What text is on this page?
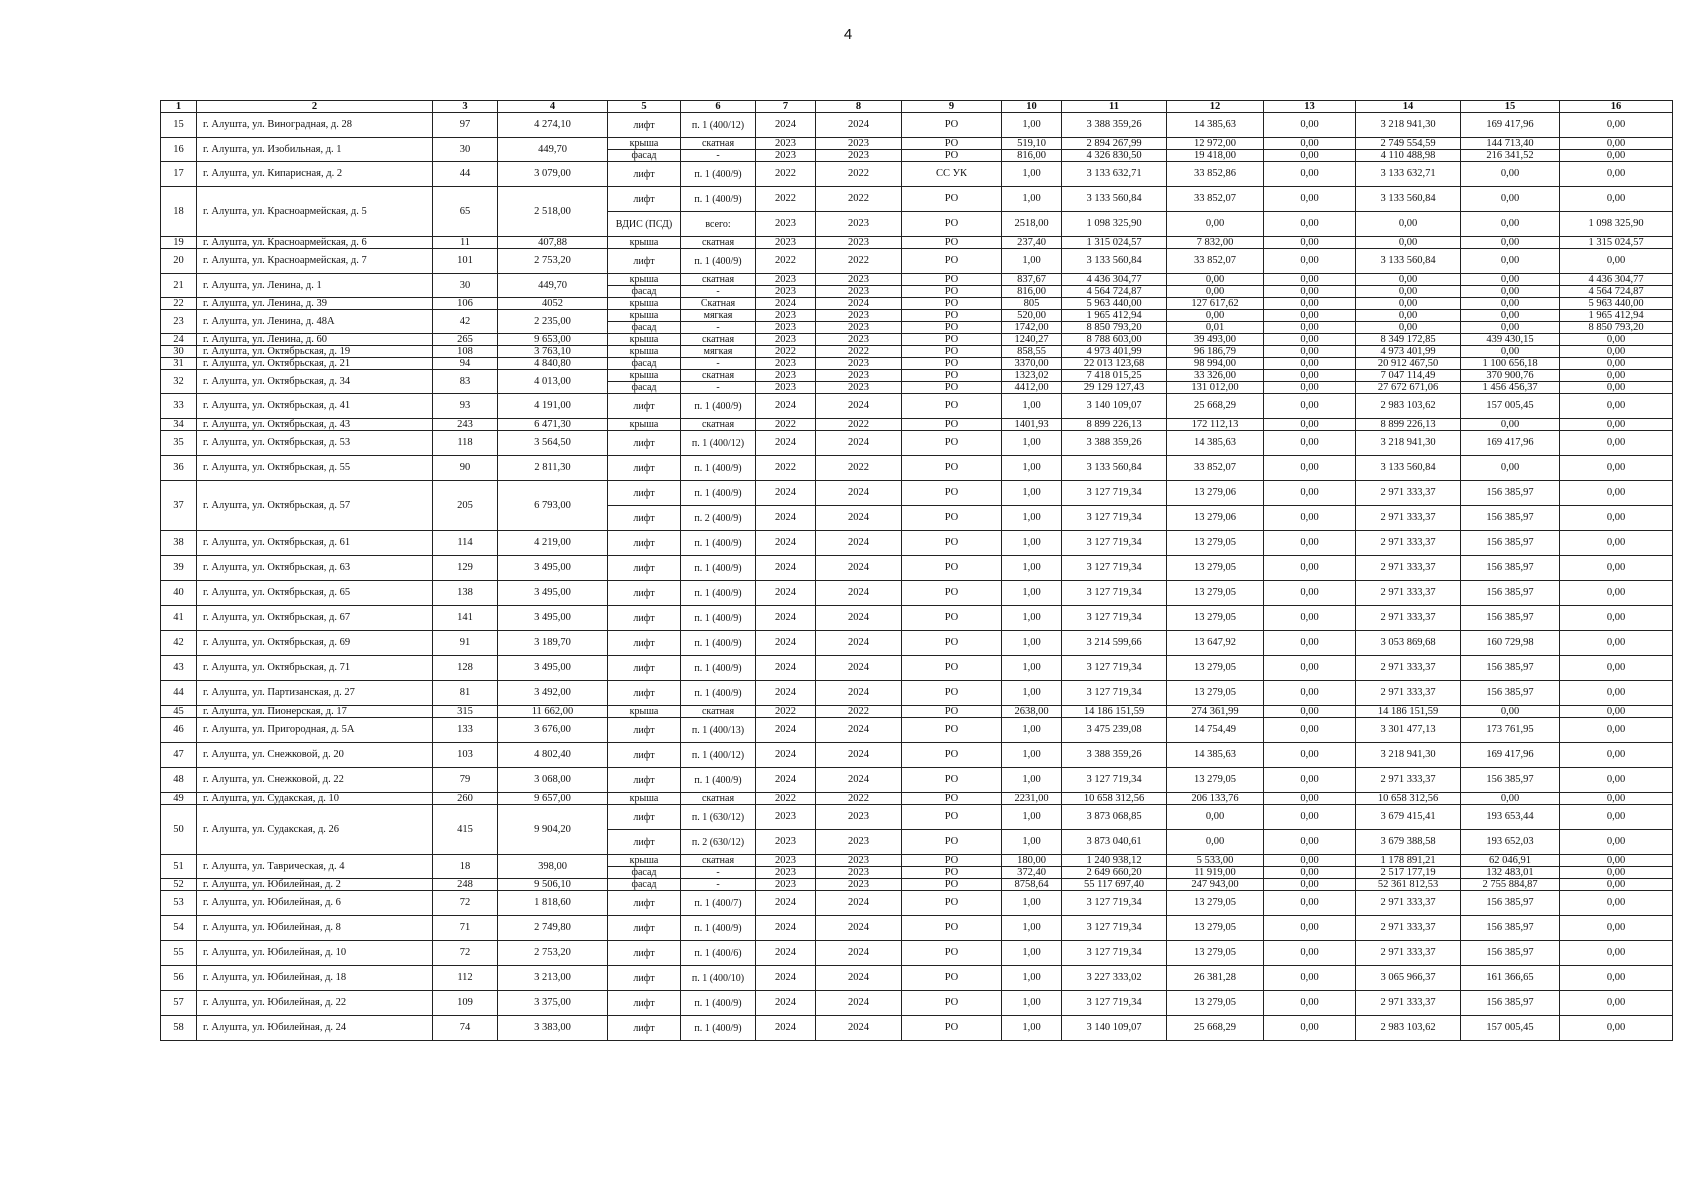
4
1	2	3	4	5	6	7	8	9	10	11	12	13	14	15	16
15	г. Алушта, ул. Виноградная, д. 28	97	4 274,10	лифт	п. 1 (400/12)	2024	2024	РО	1,00	3 388 359,26	14 385,63	0,00	3 218 941,30	169 417,96	0,00
16	г. Алушта, ул. Изобильная, д. 1	30	449,70	крыша	скатная	2023	2023	РО	519,10	2 894 267,99	12 972,00	0,00	2 749 554,59	144 713,40	0,00
				фасад	-	2023	2023	РО	816,00	4 326 830,50	19 418,00	0,00	4 110 488,98	216 341,52	0,00
17	г. Алушта, ул. Кипарисная, д. 2	44	3 079,00	лифт	п. 1 (400/9)	2022	2022	СС УК	1,00	3 133 632,71	33 852,86	0,00	3 133 632,71	0,00	0,00
18	г. Алушта, ул. Красноармейская, д. 5	65	2 518,00	лифт	п. 1 (400/9)	2022	2022	РО	1,00	3 133 560,84	33 852,07	0,00	3 133 560,84	0,00	0,00
				ВДИС (ПСД)	всего:	2023	2023	РО	2518,00	1 098 325,90	0,00	0,00	0,00	0,00	1 098 325,90
19	г. Алушта, ул. Красноармейская, д. 6	11	407,88	крыша	скатная	2023	2023	РО	237,40	1 315 024,57	7 832,00	0,00	0,00	0,00	1 315 024,57
20	г. Алушта, ул. Красноармейская, д. 7	101	2 753,20	лифт	п. 1 (400/9)	2022	2022	РО	1,00	3 133 560,84	33 852,07	0,00	3 133 560,84	0,00	0,00
21	г. Алушта, ул. Ленина, д. 1	30	449,70	крыша	скатная	2023	2023	РО	837,67	4 436 304,77	0,00	0,00	0,00	0,00	4 436 304,77
				фасад	-	2023	2023	РО	816,00	4 564 724,87	0,00	0,00	0,00	0,00	4 564 724,87
22	г. Алушта, ул. Ленина, д. 39	106	4052	крыша	Скатная	2024	2024	РО	805	5 963 440,00	127 617,62	0,00	0,00	0,00	5 963 440,00
23	г. Алушта, ул. Ленина, д. 48А	42	2 235,00	крыша	мягкая	2023	2023	РО	520,00	1 965 412,94	0,00	0,00	0,00	0,00	1 965 412,94
				фасад	-	2023	2023	РО	1742,00	8 850 793,20	0,01	0,00	0,00	0,00	8 850 793,20
24	г. Алушта, ул. Ленина, д. 60	265	9 653,00	крыша	скатная	2023	2023	РО	1240,27	8 788 603,00	39 493,00	0,00	8 349 172,85	439 430,15	0,00
30	г. Алушта, ул. Октябрьская, д. 19	108	3 763,10	крыша	мягкая	2022	2022	РО	858,55	4 973 401,99	96 186,79	0,00	4 973 401,99	0,00	0,00
31	г. Алушта, ул. Октябрьская, д. 21	94	4 840,80	фасад	-	2023	2023	РО	3370,00	22 013 123,68	98 994,00	0,00	20 912 467,50	1 100 656,18	0,00
32	г. Алушта, ул. Октябрьская, д. 34	83	4 013,00	крыша	скатная	2023	2023	РО	1323,02	7 418 015,25	33 326,00	0,00	7 047 114,49	370 900,76	0,00
				фасад	-	2023	2023	РО	4412,00	29 129 127,43	131 012,00	0,00	27 672 671,06	1 456 456,37	0,00
33	г. Алушта, ул. Октябрьская, д. 41	93	4 191,00	лифт	п. 1 (400/9)	2024	2024	РО	1,00	3 140 109,07	25 668,29	0,00	2 983 103,62	157 005,45	0,00
34	г. Алушта, ул. Октябрьская, д. 43	243	6 471,30	крыша	скатная	2022	2022	РО	1401,93	8 899 226,13	172 112,13	0,00	8 899 226,13	0,00	0,00
35	г. Алушта, ул. Октябрьская, д. 53	118	3 564,50	лифт	п. 1 (400/12)	2024	2024	РО	1,00	3 388 359,26	14 385,63	0,00	3 218 941,30	169 417,96	0,00
36	г. Алушта, ул. Октябрьская, д. 55	90	2 811,30	лифт	п. 1 (400/9)	2022	2022	РО	1,00	3 133 560,84	33 852,07	0,00	3 133 560,84	0,00	0,00
37	г. Алушта, ул. Октябрьская, д. 57	205	6 793,00	лифт	п. 1 (400/9)	2024	2024	РО	1,00	3 127 719,34	13 279,06	0,00	2 971 333,37	156 385,97	0,00
				лифт	п. 2 (400/9)	2024	2024	РО	1,00	3 127 719,34	13 279,06	0,00	2 971 333,37	156 385,97	0,00
38	г. Алушта, ул. Октябрьская, д. 61	114	4 219,00	лифт	п. 1 (400/9)	2024	2024	РО	1,00	3 127 719,34	13 279,05	0,00	2 971 333,37	156 385,97	0,00
39	г. Алушта, ул. Октябрьская, д. 63	129	3 495,00	лифт	п. 1 (400/9)	2024	2024	РО	1,00	3 127 719,34	13 279,05	0,00	2 971 333,37	156 385,97	0,00
40	г. Алушта, ул. Октябрьская, д. 65	138	3 495,00	лифт	п. 1 (400/9)	2024	2024	РО	1,00	3 127 719,34	13 279,05	0,00	2 971 333,37	156 385,97	0,00
41	г. Алушта, ул. Октябрьская, д. 67	141	3 495,00	лифт	п. 1 (400/9)	2024	2024	РО	1,00	3 127 719,34	13 279,05	0,00	2 971 333,37	156 385,97	0,00
42	г. Алушта, ул. Октябрьская, д. 69	91	3 189,70	лифт	п. 1 (400/9)	2024	2024	РО	1,00	3 214 599,66	13 647,92	0,00	3 053 869,68	160 729,98	0,00
43	г. Алушта, ул. Октябрьская, д. 71	128	3 495,00	лифт	п. 1 (400/9)	2024	2024	РО	1,00	3 127 719,34	13 279,05	0,00	2 971 333,37	156 385,97	0,00
44	г. Алушта, ул. Партизанская, д. 27	81	3 492,00	лифт	п. 1 (400/9)	2024	2024	РО	1,00	3 127 719,34	13 279,05	0,00	2 971 333,37	156 385,97	0,00
45	г. Алушта, ул. Пионерская, д. 17	315	11 662,00	крыша	скатная	2022	2022	РО	2638,00	14 186 151,59	274 361,99	0,00	14 186 151,59	0,00	0,00
46	г. Алушта, ул. Пригородная, д. 5А	133	3 676,00	лифт	п. 1 (400/13)	2024	2024	РО	1,00	3 475 239,08	14 754,49	0,00	3 301 477,13	173 761,95	0,00
47	г. Алушта, ул. Снежковой, д. 20	103	4 802,40	лифт	п. 1 (400/12)	2024	2024	РО	1,00	3 388 359,26	14 385,63	0,00	3 218 941,30	169 417,96	0,00
48	г. Алушта, ул. Снежковой, д. 22	79	3 068,00	лифт	п. 1 (400/9)	2024	2024	РО	1,00	3 127 719,34	13 279,05	0,00	2 971 333,37	156 385,97	0,00
49	г. Алушта, ул. Судакская, д. 10	260	9 657,00	крыша	скатная	2022	2022	РО	2231,00	10 658 312,56	206 133,76	0,00	10 658 312,56	0,00	0,00
50	г. Алушта, ул. Судакская, д. 26	415	9 904,20	лифт	п. 1 (630/12)	2023	2023	РО	1,00	3 873 068,85	0,00	0,00	3 679 415,41	193 653,44	0,00
				лифт	п. 2 (630/12)	2023	2023	РО	1,00	3 873 040,61	0,00	0,00	3 679 388,58	193 652,03	0,00
51	г. Алушта, ул. Таврическая, д. 4	18	398,00	крыша	скатная	2023	2023	РО	180,00	1 240 938,12	5 533,00	0,00	1 178 891,21	62 046,91	0,00
				фасад	-	2023	2023	РО	372,40	2 649 660,20	11 919,00	0,00	2 517 177,19	132 483,01	0,00
52	г. Алушта, ул. Юбилейная, д. 2	248	9 506,10	фасад	-	2023	2023	РО	8758,64	55 117 697,40	247 943,00	0,00	52 361 812,53	2 755 884,87	0,00
53	г. Алушта, ул. Юбилейная, д. 6	72	1 818,60	лифт	п. 1 (400/7)	2024	2024	РО	1,00	3 127 719,34	13 279,05	0,00	2 971 333,37	156 385,97	0,00
54	г. Алушта, ул. Юбилейная, д. 8	71	2 749,80	лифт	п. 1 (400/9)	2024	2024	РО	1,00	3 127 719,34	13 279,05	0,00	2 971 333,37	156 385,97	0,00
55	г. Алушта, ул. Юбилейная, д. 10	72	2 753,20	лифт	п. 1 (400/6)	2024	2024	РО	1,00	3 127 719,34	13 279,05	0,00	2 971 333,37	156 385,97	0,00
56	г. Алушта, ул. Юбилейная, д. 18	112	3 213,00	лифт	п. 1 (400/10)	2024	2024	РО	1,00	3 227 333,02	26 381,28	0,00	3 065 966,37	161 366,65	0,00
57	г. Алушта, ул. Юбилейная, д. 22	109	3 375,00	лифт	п. 1 (400/9)	2024	2024	РО	1,00	3 127 719,34	13 279,05	0,00	2 971 333,37	156 385,97	0,00
58	г. Алушта, ул. Юбилейная, д. 24	74	3 383,00	лифт	п. 1 (400/9)	2024	2024	РО	1,00	3 140 109,07	25 668,29	0,00	2 983 103,62	157 005,45	0,00
